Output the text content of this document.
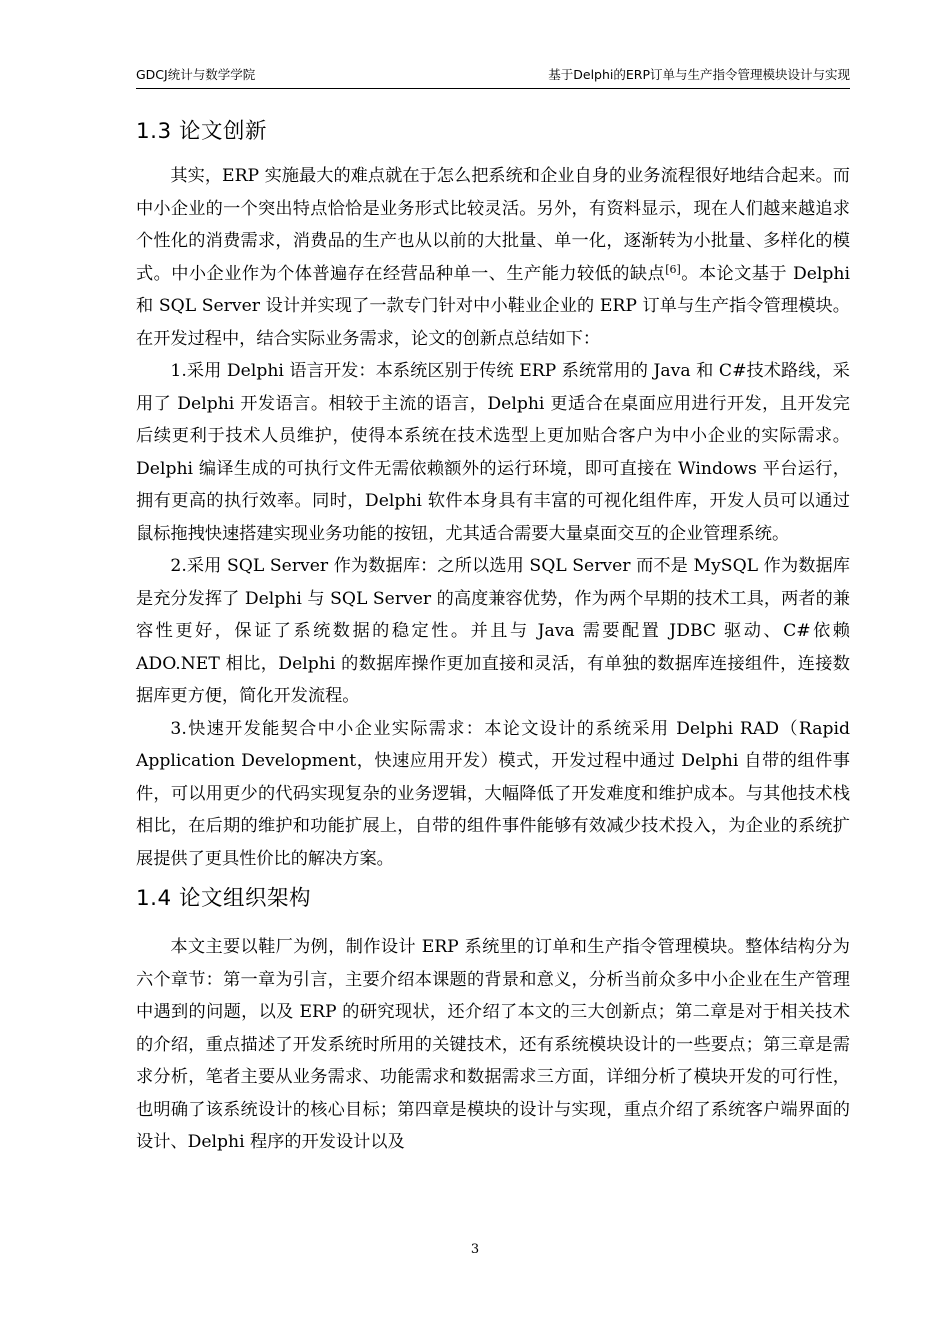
GDCJ统计与数学学院	基于Delphi的ERP订单与生产指令管理模块设计与实现
1.3 论文创新

其实，ERP 实施最大的难点就在于怎么把系统和企业自身的业务流程很好地结合起来。而中小企业的一个突出特点恰恰是业务形式比较灵活。另外，有资料显示，现在人们越来越追求个性化的消费需求，消费品的生产也从以前的大批量、单一化，逐渐转为小批量、多样化的模式。中小企业作为个体普遍存在经营品种单一、生产能力较低的缺点[6]。本论文基于 Delphi 和 SQL Server 设计并实现了一款专门针对中小鞋业企业的 ERP 订单与生产指令管理模块。在开发过程中，结合实际业务需求，论文的创新点总结如下：

1.采用 Delphi 语言开发：本系统区别于传统 ERP 系统常用的 Java 和 C#技术路线，采用了 Delphi 开发语言。相较于主流的语言，Delphi 更适合在桌面应用进行开发，且开发完后续更利于技术人员维护，使得本系统在技术选型上更加贴合客户为中小企业的实际需求。Delphi 编译生成的可执行文件无需依赖额外的运行环境，即可直接在 Windows 平台运行，拥有更高的执行效率。同时，Delphi 软件本身具有丰富的可视化组件库，开发人员可以通过鼠标拖拽快速搭建实现业务功能的按钮，尤其适合需要大量桌面交互的企业管理系统。

2.采用 SQL Server 作为数据库：之所以选用 SQL Server 而不是 MySQL 作为数据库是充分发挥了 Delphi 与 SQL Server 的高度兼容优势，作为两个早期的技术工具，两者的兼容性更好，保证了系统数据的稳定性。并且与 Java 需要配置 JDBC 驱动、C#依赖 ADO.NET 相比，Delphi 的数据库操作更加直接和灵活，有单独的数据库连接组件，连接数据库更方便，简化开发流程。

3.快速开发能契合中小企业实际需求：本论文设计的系统采用 Delphi RAD（Rapid Application Development，快速应用开发）模式，开发过程中通过 Delphi 自带的组件事件，可以用更少的代码实现复杂的业务逻辑，大幅降低了开发难度和维护成本。与其他技术栈相比，在后期的维护和功能扩展上，自带的组件事件能够有效减少技术投入，为企业的系统扩展提供了更具性价比的解决方案。

1.4 论文组织架构

本文主要以鞋厂为例，制作设计 ERP 系统里的订单和生产指令管理模块。整体结构分为六个章节：第一章为引言，主要介绍本课题的背景和意义，分析当前众多中小企业在生产管理中遇到的问题，以及 ERP 的研究现状，还介绍了本文的三大创新点；第二章是对于相关技术的介绍，重点描述了开发系统时所用的关键技术，还有系统模块设计的一些要点；第三章是需求分析，笔者主要从业务需求、功能需求和数据需求三方面，详细分析了模块开发的可行性，也明确了该系统设计的核心目标；第四章是模块的设计与实现，重点介绍了系统客户端界面的设计、Delphi 程序的开发设计以及

3
